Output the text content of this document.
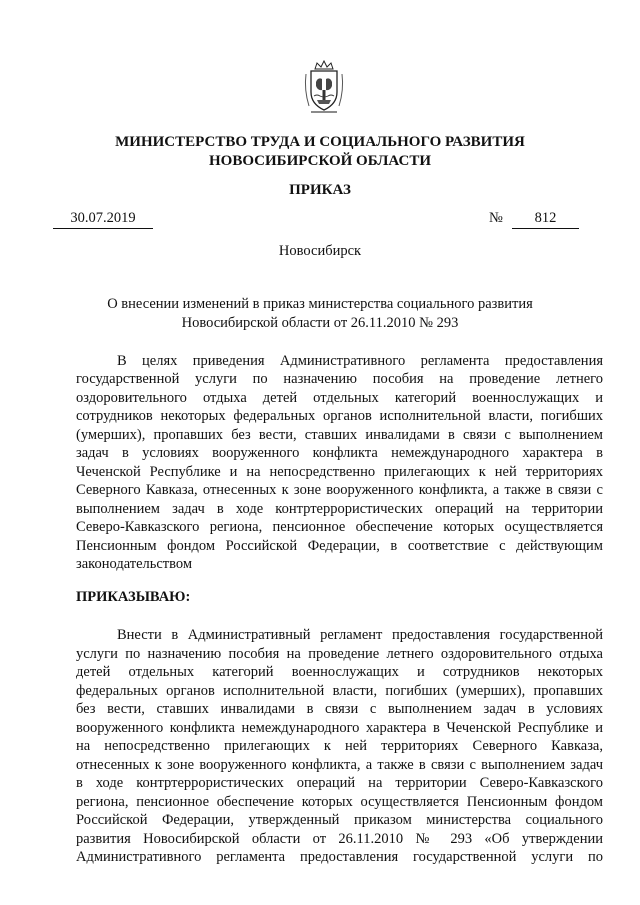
МИНИСТЕРСТВО ТРУДА И СОЦИАЛЬНОГО РАЗВИТИЯ
НОВОСИБИРСКОЙ ОБЛАСТИ
ПРИКАЗ
30.07.2019	№	812
Новосибирск
О внесении изменений в приказ министерства социального развития
Новосибирской области от 26.11.2010 № 293
В целях приведения Административного регламента предоставления
государственной услуги по назначению пособия на проведение летнего
оздоровительного отдыха детей отдельных категорий военнослужащих и
сотрудников некоторых федеральных органов исполнительной власти, погибших
(умерших), пропавших без вести, ставших инвалидами в связи с выполнением
задач в условиях вооруженного конфликта немеждународного характера в
Чеченской Республике и на непосредственно прилегающих к ней территориях
Северного Кавказа, отнесенных к зоне вооруженного конфликта, а также в связи с
выполнением задач в ходе контртеррористических операций на территории
Северо-Кавказского региона, пенсионное обеспечение которых осуществляется
Пенсионным фондом Российской Федерации, в соответствие с действующим
законодательством
ПРИКАЗЫВАЮ:
Внести в Административный регламент предоставления государственной
услуги по назначению пособия на проведение летнего оздоровительного отдыха
детей отдельных категорий военнослужащих и сотрудников некоторых
федеральных органов исполнительной власти, погибших (умерших), пропавших
без вести, ставших инвалидами в связи с выполнением задач в условиях
вооруженного конфликта немеждународного характера в Чеченской Республике и
на непосредственно прилегающих к ней территориях Северного Кавказа,
отнесенных к зоне вооруженного конфликта, а также в связи с выполнением задач
в ходе контртеррористических операций на территории Северо-Кавказского
региона, пенсионное обеспечение которых осуществляется Пенсионным фондом
Российской Федерации, утвержденный приказом министерства социального
развития Новосибирской области от 26.11.2010 № 293 «Об утверждении
Административного регламента предоставления государственной услуги по
